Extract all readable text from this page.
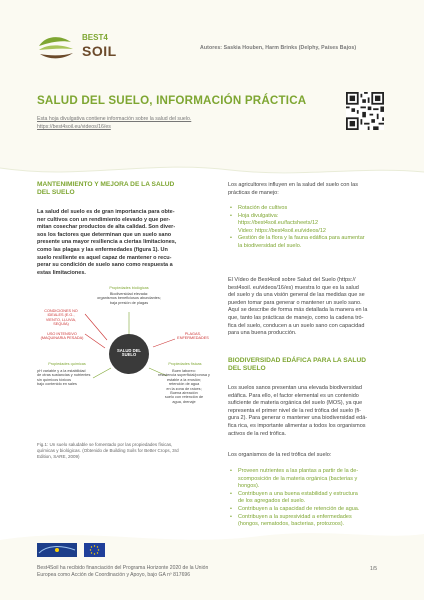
BEST4
SOIL	Autores: Saskia Houben, Harm Brinks (Delphy, Países Bajos)
SALUD DEL SUELO, INFORMACIÓN PRÁCTICA
Esta hoja divulgativa contiene información sobre la salud del suelo.
https://best4soil.eu/videos/16/es
MANTENIMIENTO Y MEJORA DE LA SALUD
DEL SUELO
La salud del suelo es de gran importancia para obte-
ner cultivos con un rendimiento elevado y que per-
mitan cosechar productos de alta calidad. Son diver-
sos los factores que determinan que un suelo sano
presente una mayor resiliencia a ciertas limitaciones,
como las plagas y las enfermedades (figura 1). Un
suelo resiliente es aquel capaz de mantener o recu-
perar su condición de suelo sano como respuesta a
estas limitaciones.
SALUD DEL
SUELO
Propiedades biológicas
Biodiversidad elevada:
organismos beneficiosos abundantes;
baja presión de plagas
CONDICIONES NO
IDEALES (E.G.,
VIENTO, LLUVIA,
SEQUÍA)
USO INTENSIVO
(MAQUINARIA PESADA)
PLAGAS,
ENFERMEDADES
Propiedades químicas
pH variable y a la estabilidad
de otras sustancias y nutrientes
sin químicos tóxicos
bajo contenido en sales
Propiedades físicas
Buen laboreo:
resistencia superficial/porosa y
estable a la erosión;
retención de agua
en la zona de raíces;
Buena aireación
suelo con retención de
agua, drenaje
Fig.1: Un suelo saludable se fomentado por las propiedades físicas,
químicas y biológicas. (Obtenido de Building Soils for Better Crops, 3rd
Edition, SARE, 2009)
Los agricultores influyen en la salud del suelo con las
prácticas de manejo:
• Rotación de cultivos
• Hoja divulgativa:
https://best4soil.eu/factsheets/12
Video: https://best4soil.eu/videos/12
• Gestión de la flora y la fauna edáfica para aumentar
la biodiversidad del suelo.
El Vídeo de Best4soil sobre Salud del Suelo (https://
best4soil. eu/videos/16/es) muestra lo que es la salud
del suelo y da una visión general de las medidas que se
pueden tomar para generar o mantener un suelo sano.
Aquí se describe de forma más detallada la manera en la
que, tanto las prácticas de manejo, como la cadena tró-
fica del suelo, conducen a un suelo sano con capacidad
para una buena producción.
BIODIVERSIDAD EDÁFICA PARA LA SALUD
DEL SUELO
Los suelos sanos presentan una elevada biodiversidad
edáfica. Para ello, el factor elemental es un contenido
suficiente de materia orgánica del suelo (MOS), ya que
representa el primer nivel de la red trófica del suelo (fi-
gura 2). Para generar o mantener una biodiversidad edá-
fica rica, es importante alimentar a todos los organismos
activos de la red trófica.
Los organismos de la red trófica del suelo:
• Proveen nutrientes a las plantas a partir de la de-
scomposición de la materia orgánica (bacterias y
hongos).
• Contribuyen a una buena estabilidad y estructura
de los agregados del suelo.
• Contribuyen a la capacidad de retención de agua.
• Contribuyen a la supresividad a enfermedades
(hongos, nematodos, bacterias, protozoos).
Best4Soil ha recibido financiación del Programa Horizonte 2020 de la Unión
Europea como Acción de Coordinación y Apoyo, bajo GA nº 817696
1/5
